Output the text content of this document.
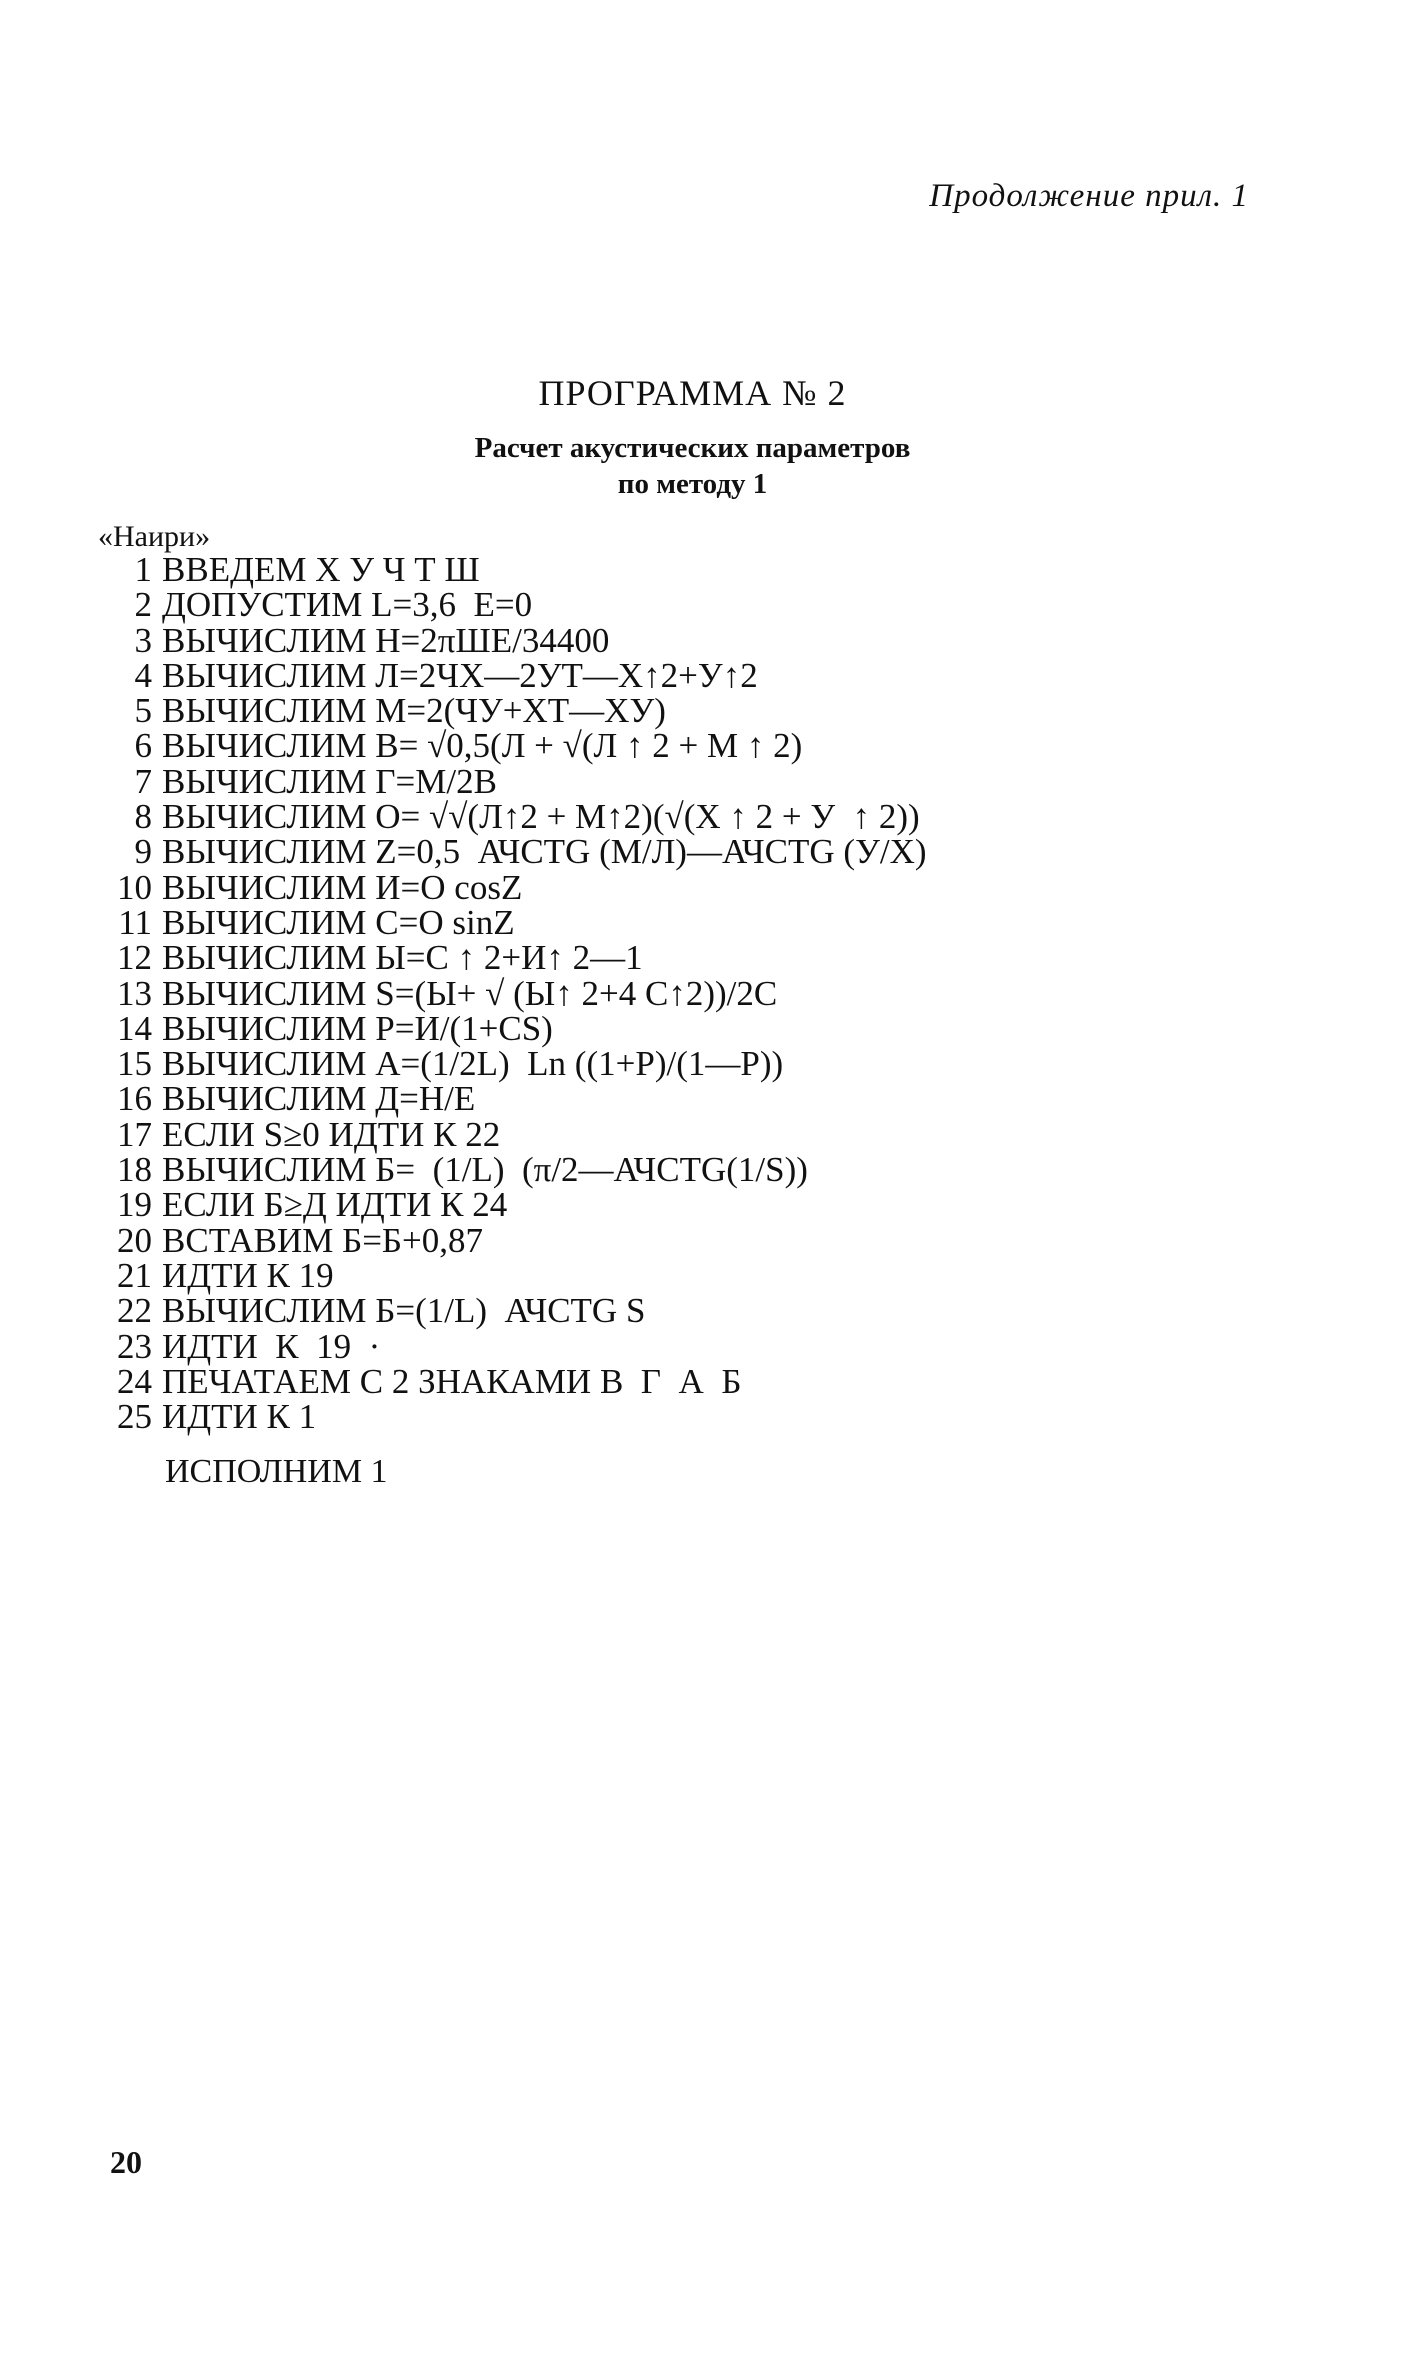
Продолжение прил. 1
ПРОГРАММА № 2
Расчет акустических параметров
по методу 1
«Наири»
1 ВВЕДЕМ Х У Ч Т Ш
2 ДОПУСТИМ L=3,6  Е=0
3 ВЫЧИСЛИМ Н=2πШЕ/34400
4 ВЫЧИСЛИМ Л=2ЧХ—2УТ—Х↑2+У↑2
5 ВЫЧИСЛИМ М=2(ЧУ+ХТ—ХУ)
6 ВЫЧИСЛИМ В= √0,5(Л + √(Л ↑ 2 + М ↑ 2)
7 ВЫЧИСЛИМ Г=М/2В
8 ВЫЧИСЛИМ О= √√(Л↑2 + М↑2)(√(Х ↑ 2 + У  ↑ 2))
9 ВЫЧИСЛИМ Z=0,5  АЧСТG (М/Л)—АЧСТG (У/Х)
10 ВЫЧИСЛИМ И=О cosZ
11 ВЫЧИСЛИМ С=О sinZ
12 ВЫЧИСЛИМ Ы=С ↑ 2+И↑ 2—1
13 ВЫЧИСЛИМ S=(Ы+ √ (Ы↑ 2+4 С↑2))/2С
14 ВЫЧИСЛИМ Р=И/(1+CS)
15 ВЫЧИСЛИМ А=(1/2L)  Ln ((1+Р)/(1—Р))
16 ВЫЧИСЛИМ Д=Н/Е
17 ЕСЛИ S≥0 ИДТИ К 22
18 ВЫЧИСЛИМ Б=  (1/L)  (π/2—АЧСТG(1/S))
19 ЕСЛИ Б≥Д ИДТИ К 24
20 ВСТАВИМ Б=Б+0,87
21 ИДТИ К 19
22 ВЫЧИСЛИМ Б=(1/L)  АЧСТG S
23 ИДТИ  К  19  ·
24 ПЕЧАТАЕМ С 2 ЗНАКАМИ В  Г  А  Б
25 ИДТИ К 1
ИСПОЛНИМ 1
20
